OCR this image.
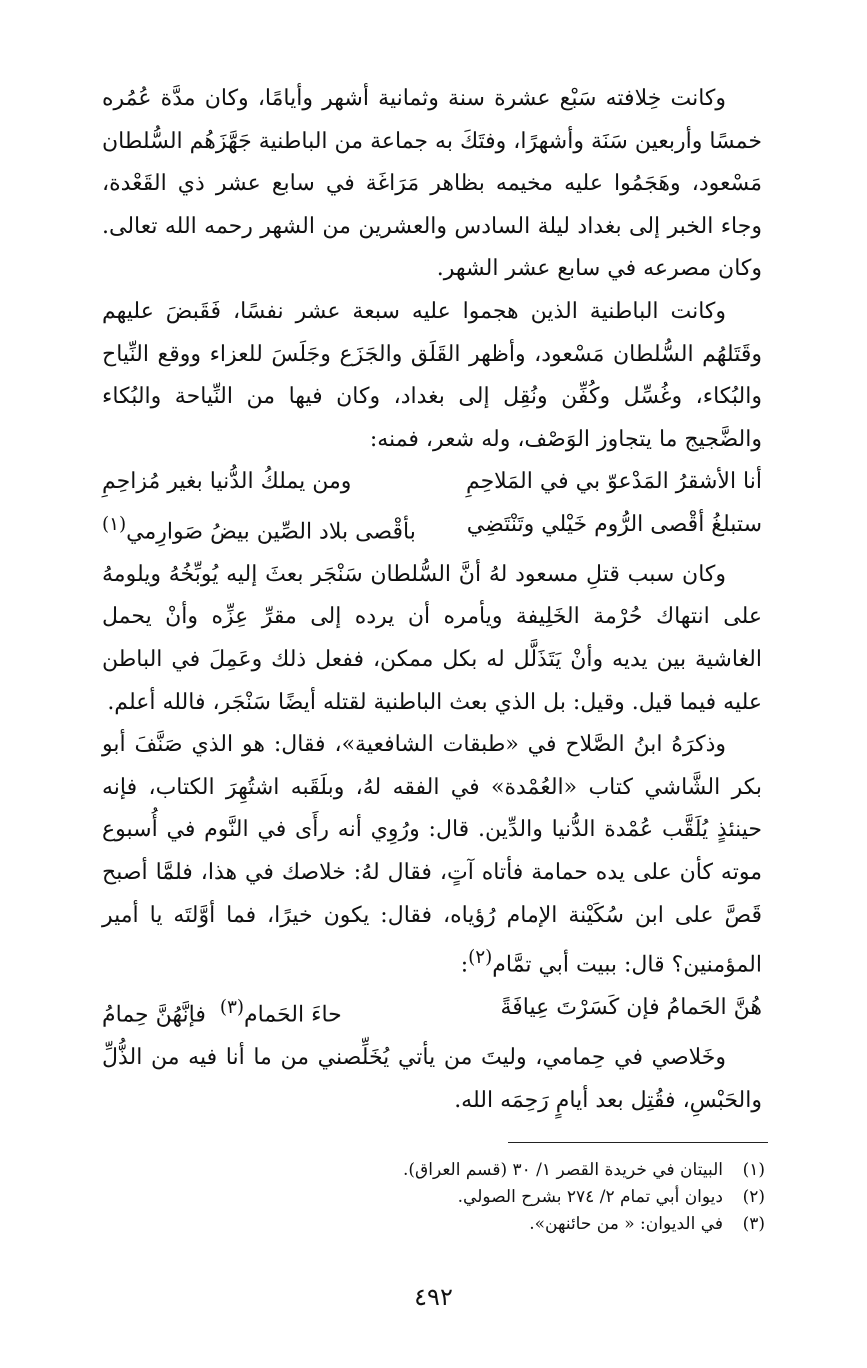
وكانت خِلافته سَبْع عشرة سنة وثمانية أشهر وأيامًا، وكان مدَّة عُمُره خمسًا وأربعين سَنَة وأشهرًا، وفتَكَ به جماعة من الباطنية جَهَّزَهُم السُّلطان مَسْعود، وهَجَمُوا عليه مخيمه بظاهر مَرَاغَة في سابع عشر ذي القَعْدة، وجاء الخبر إلى بغداد ليلة السادس والعشرين من الشهر رحمه الله تعالى. وكان مصرعه في سابع عشر الشهر.

وكانت الباطنية الذين هجموا عليه سبعة عشر نفسًا، فَقَبضَ عليهم وقَتَلهُم السُّلطان مَسْعود، وأظهر القَلَق والجَزَع وجَلَسَ للعزاء ووقع النِّياح والبُكاء، وغُسِّل وكُفِّن ونُقِل إلى بغداد، وكان فيها من النِّياحة والبُكاء والضَّجيج ما يتجاوز الوَصْف، وله شعر، فمنه:

أنا الأشقرُ المَدْعوّ بي في المَلاحِمِ
ومن يملكُ الدُّنيا بغير مُزاحِمِ
ستبلغُ أقْصى الرُّوم خَيْلي وتَنْتَضِي
بأقْصى بلاد الصِّين بيضُ صَوارِمي$^{(١)}$

وكان سبب قتلِ مسعود لهُ أنَّ السُّلطان سَنْجَر بعثَ إليه يُوبِّخُهُ ويلومهُ على انتهاك حُرْمة الخَلِيفة ويأمره أن يرده إلى مقرِّ عِزِّه وأنْ يحمل الغاشية بين يديه وأنْ يَتَذَلَّل له بكل ممكن، ففعل ذلك وعَمِلَ في الباطن عليه فيما قيل. وقيل: بل الذي بعث الباطنية لقتله أيضًا سَنْجَر، فالله أعلم.

وذكرَهُ ابنُ الصَّلاح في «طبقات الشافعية»، فقال: هو الذي صَنَّفَ أبو بكر الشَّاشي كتاب «العُمْدة» في الفقه لهُ، وبلَقَبه اشتُهِرَ الكتاب، فإنه حينئذٍ يُلَقَّب عُمْدة الدُّنيا والدِّين. قال: ورُوِي أنه رأَى في النَّوم في أُسبوع موته كأن على يده حمامة فأتاه آتٍ، فقال لهُ: خلاصك في هذا، فلمَّا أصبح قَصَّ على ابن سُكَيْنة الإمام رُؤياه، فقال: يكون خيرًا، فما أوَّلتَه يا أمير المؤمنين؟ قال: ببيت أبي تمَّام$^{(٢)}$:

هُنَّ الحَمامُ فإن كَسَرْتَ عِيافَةً
حاءَ الحَمام$^{(٣)}$فإنَّهُنَّ حِمامُ

وخَلاصي في حِمامي، وليتَ من يأتي يُخَلِّصني من ما أنا فيه من الذُّلِّ والحَبْسِ، فقُتِل بعد أيامٍ رَحِمَه الله.

(١)
البيتان في خريدة القصر ١/ ٣٠ (قسم العراق).
(٢)
ديوان أبي تمام ٢/ ٢٧٤ بشرح الصولي.
(٣)
في الديوان: « من حائنهن».
٤٩٢
